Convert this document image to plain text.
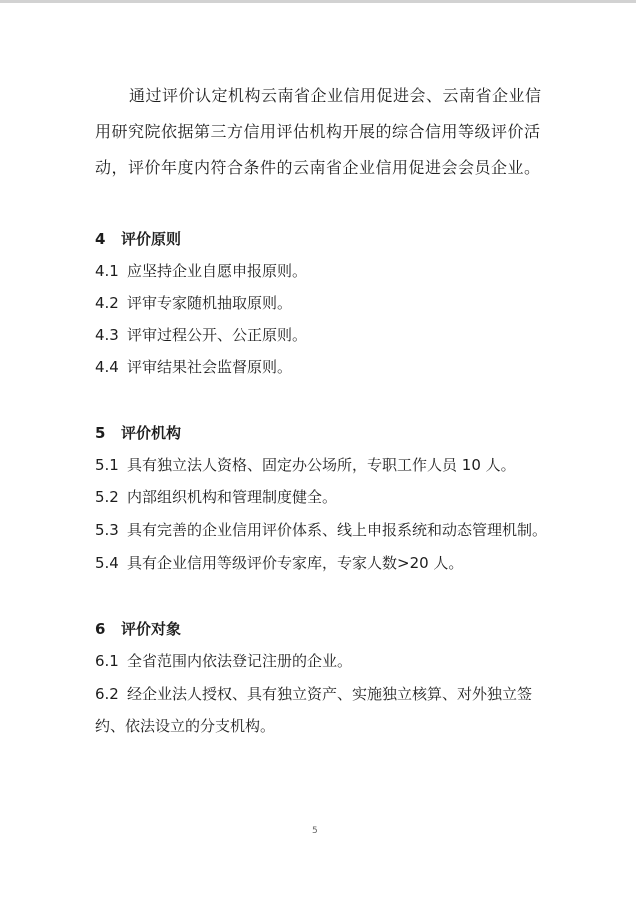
通过评价认定机构云南省企业信用促进会、云南省企业信用研究院依据第三方信用评估机构开展的综合信用等级评价活动，评价年度内符合条件的云南省企业信用促进会会员企业。

4 评价原则

4.1 应坚持企业自愿申报原则。

4.2 评审专家随机抽取原则。

4.3 评审过程公开、公正原则。

4.4 评审结果社会监督原则。

5 评价机构

5.1 具有独立法人资格、固定办公场所，专职工作人员 10 人。

5.2 内部组织机构和管理制度健全。

5.3 具有完善的企业信用评价体系、线上申报系统和动态管理机制。

5.4 具有企业信用等级评价专家库，专家人数>20 人。

6 评价对象

6.1 全省范围内依法登记注册的企业。

6.2 经企业法人授权、具有独立资产、实施独立核算、对外独立签约、依法设立的分支机构。

5
